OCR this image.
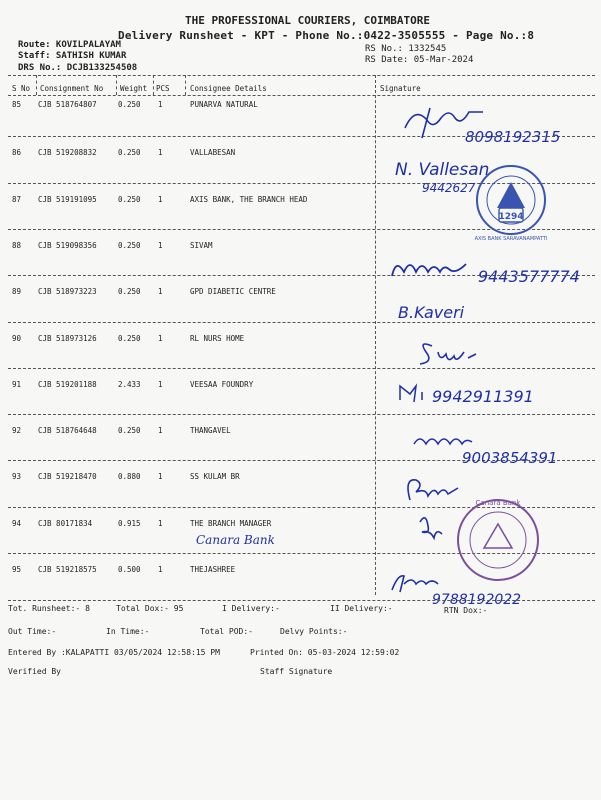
THE PROFESSIONAL COURIERS, COIMBATORE
Delivery Runsheet - KPT - Phone No.:0422-3505555 - Page No.:8
Route: KOVILPALAYAM
Staff: SATHISH KUMAR
DRS No.: DCJB133254508
RS No.: 1332545
RS Date: 05-Mar-2024
S No Consignment No Weight PCS	Consignee Details	Signature
85 CJB 518764807	0.250 1	PUNARVA NATURAL
86 CJB 519208832	0.250 1	VALLABESAN
87 CJB 519191095	0.250 1	AXIS BANK, THE BRANCH HEAD
88 CJB 519098356	0.250 1	SIVAM
89 CJB 518973223	0.250 1	GPD DIABETIC CENTRE
90 CJB 518973126	0.250 1	RL NURS HOME
91 CJB 519201188	2.433 1	VEESAA FOUNDRY
92 CJB 518764648	0.250 1	THANGAVEL
93 CJB 519218470	0.880 1	SS KULAM BR
94 CJB 80171834	0.915 1	THE BRANCH MANAGER
95 CJB 519218575	0.500 1	THEJASHREE
8098192315
N. Vallesan
9442627
1294
AXIS BANK SARAVANAMPATTI
9443577774
B.Kaveri
9942911391
9003854391
Canara Bank
Canara Bank
9788192022
Tot. Runsheet:- 8	Total Dox:- 95	I Delivery:-	II Delivery:-	RTN Dox:-
Out Time:-	In Time:-	Total POD:-	Delvy Points:-
Entered By :KALAPATTI 03/05/2024 12:58:15 PM	Printed On: 05-03-2024 12:59:02
Verified By	Staff Signature
